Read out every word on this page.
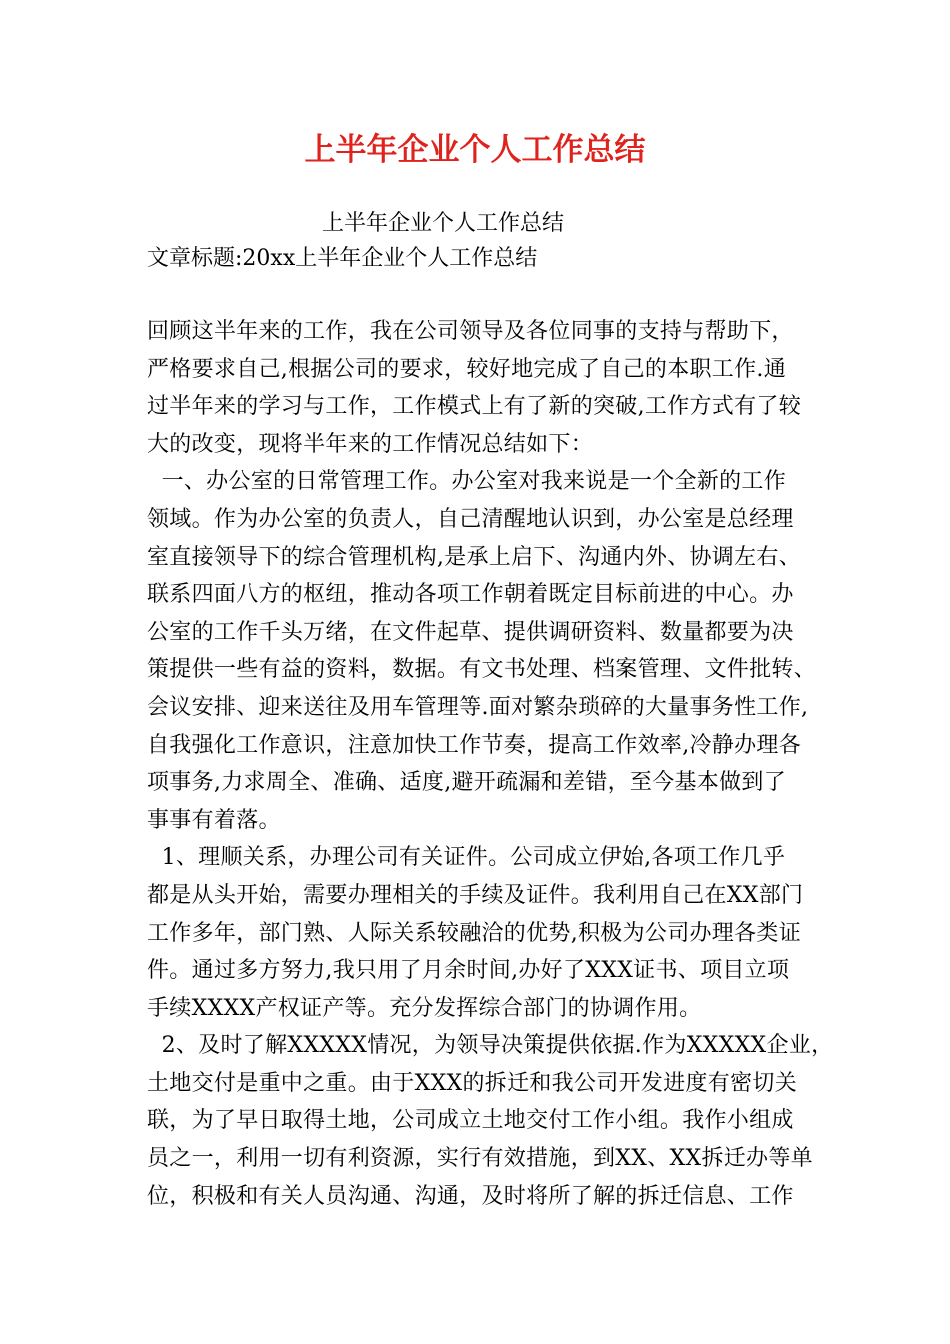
上半年企业个人工作总结

上半年企业个人工作总结

文章标题:20xx上半年企业个人工作总结

回顾这半年来的工作，我在公司领导及各位同事的支持与帮助下，
严格要求自己,根据公司的要求，较好地完成了自己的本职工作.通
过半年来的学习与工作，工作模式上有了新的突破,工作方式有了较
大的改变，现将半年来的工作情况总结如下：
一、办公室的日常管理工作。办公室对我来说是一个全新的工作
领域。作为办公室的负责人，自己清醒地认识到，办公室是总经理
室直接领导下的综合管理机构,是承上启下、沟通内外、协调左右、
联系四面八方的枢纽，推动各项工作朝着既定目标前进的中心。办
公室的工作千头万绪，在文件起草、提供调研资料、数量都要为决
策提供一些有益的资料，数据。有文书处理、档案管理、文件批转、
会议安排、迎来送往及用车管理等.面对繁杂琐碎的大量事务性工作,
自我强化工作意识，注意加快工作节奏，提高工作效率,冷静办理各
项事务,力求周全、准确、适度,避开疏漏和差错，至今基本做到了
事事有着落。
1、理顺关系，办理公司有关证件。公司成立伊始,各项工作几乎
都是从头开始，需要办理相关的手续及证件。我利用自己在XX部门
工作多年，部门熟、人际关系较融洽的优势,积极为公司办理各类证
件。通过多方努力,我只用了月余时间,办好了XXX证书、项目立项
手续XXXX产权证产等。充分发挥综合部门的协调作用。
2、及时了解XXXXX情况，为领导决策提供依据.作为XXXXX企业，
土地交付是重中之重。由于XXX的拆迁和我公司开发进度有密切关
联，为了早日取得土地，公司成立土地交付工作小组。我作小组成
员之一，利用一切有利资源，实行有效措施，到XX、XX拆迁办等单
位，积极和有关人员沟通、沟通，及时将所了解的拆迁信息、工作
